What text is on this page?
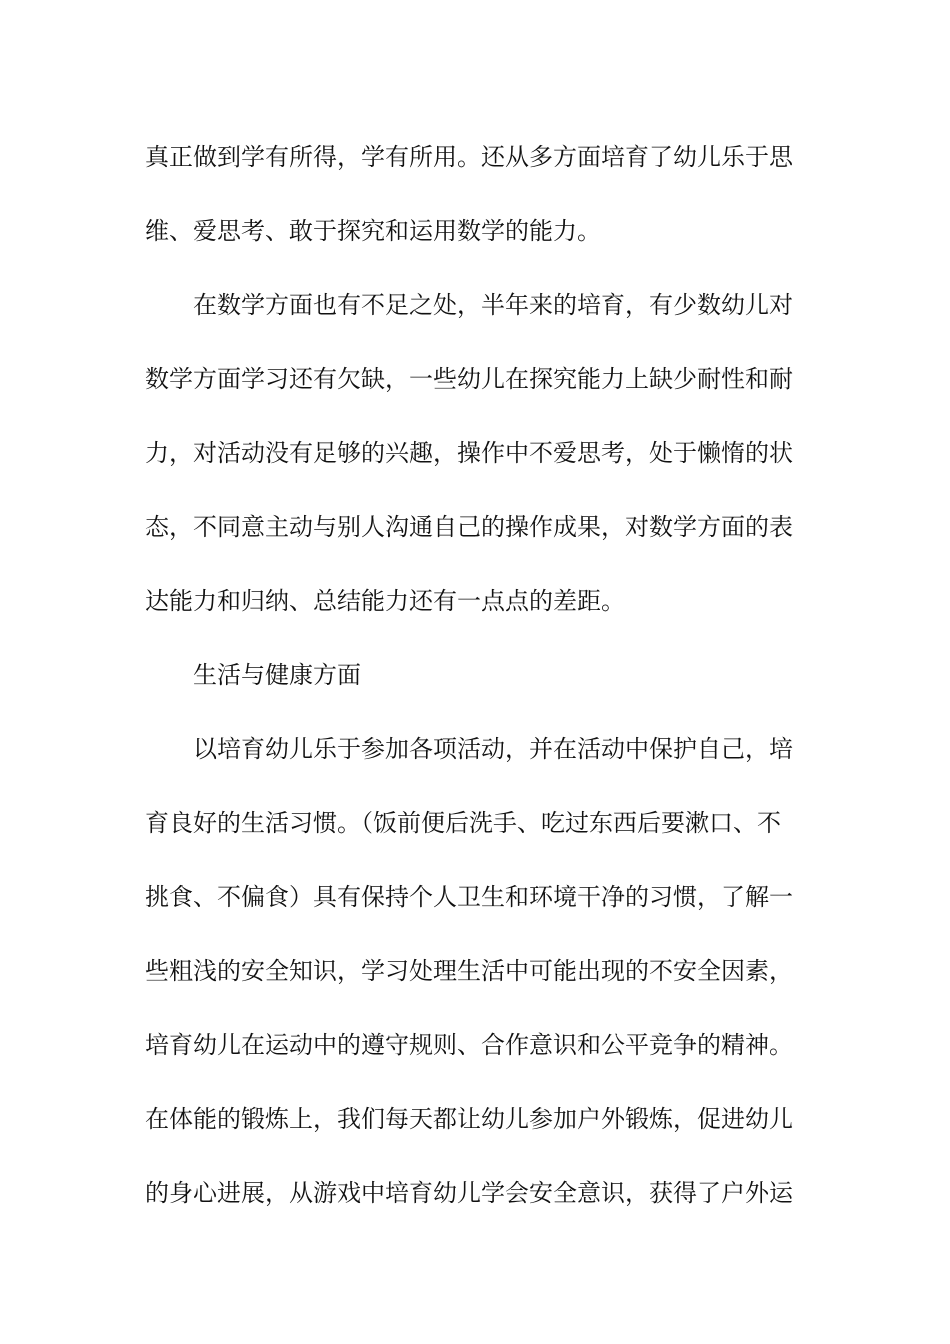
真正做到学有所得，学有所用。还从多方面培育了幼儿乐于思
维、爱思考、敢于探究和运用数学的能力。
在数学方面也有不足之处，半年来的培育，有少数幼儿对
数学方面学习还有欠缺，一些幼儿在探究能力上缺少耐性和耐
力，对活动没有足够的兴趣，操作中不爱思考，处于懒惰的状
态，不同意主动与别人沟通自己的操作成果，对数学方面的表
达能力和归纳、总结能力还有一点点的差距。
生活与健康方面
以培育幼儿乐于参加各项活动，并在活动中保护自己，培
育良好的生活习惯。（饭前便后洗手、吃过东西后要漱口、不
挑食、不偏食）具有保持个人卫生和环境干净的习惯，了解一
些粗浅的安全知识，学习处理生活中可能出现的不安全因素，
培育幼儿在运动中的遵守规则、合作意识和公平竞争的精神。
在体能的锻炼上，我们每天都让幼儿参加户外锻炼，促进幼儿
的身心进展，从游戏中培育幼儿学会安全意识，获得了户外运
